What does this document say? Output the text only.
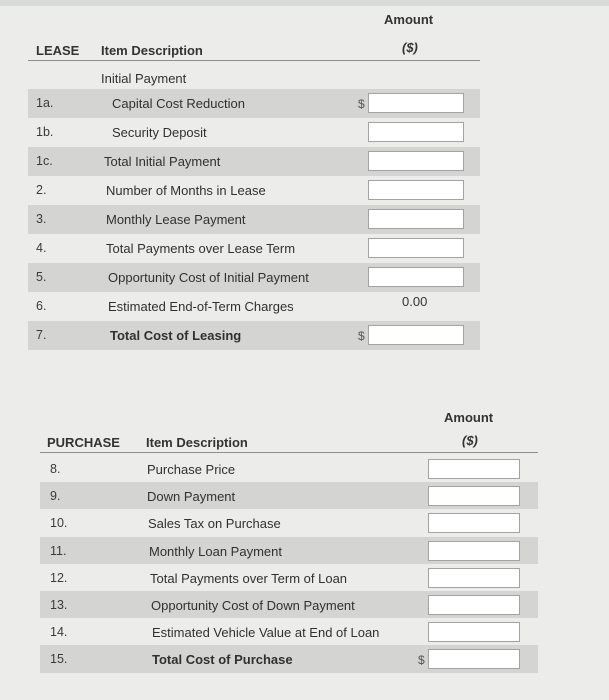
Amount
LEASE Item Description	($)
Initial Payment
1a.	Capital Cost Reduction	$
1b.	Security Deposit
1c.	Total Initial Payment
2.	Number of Months in Lease
3.	Monthly Lease Payment
4.	Total Payments over Lease Term
5.	Opportunity Cost of Initial Payment
6.	Estimated End-of-Term Charges	0.00
7.	Total Cost of Leasing	$
Amount
PURCHASE Item Description	($)
8.	Purchase Price
9.	Down Payment
10.	Sales Tax on Purchase
11.	Monthly Loan Payment
12.	Total Payments over Term of Loan
13.	Opportunity Cost of Down Payment
14.	Estimated Vehicle Value at End of Loan
15.	Total Cost of Purchase	$
